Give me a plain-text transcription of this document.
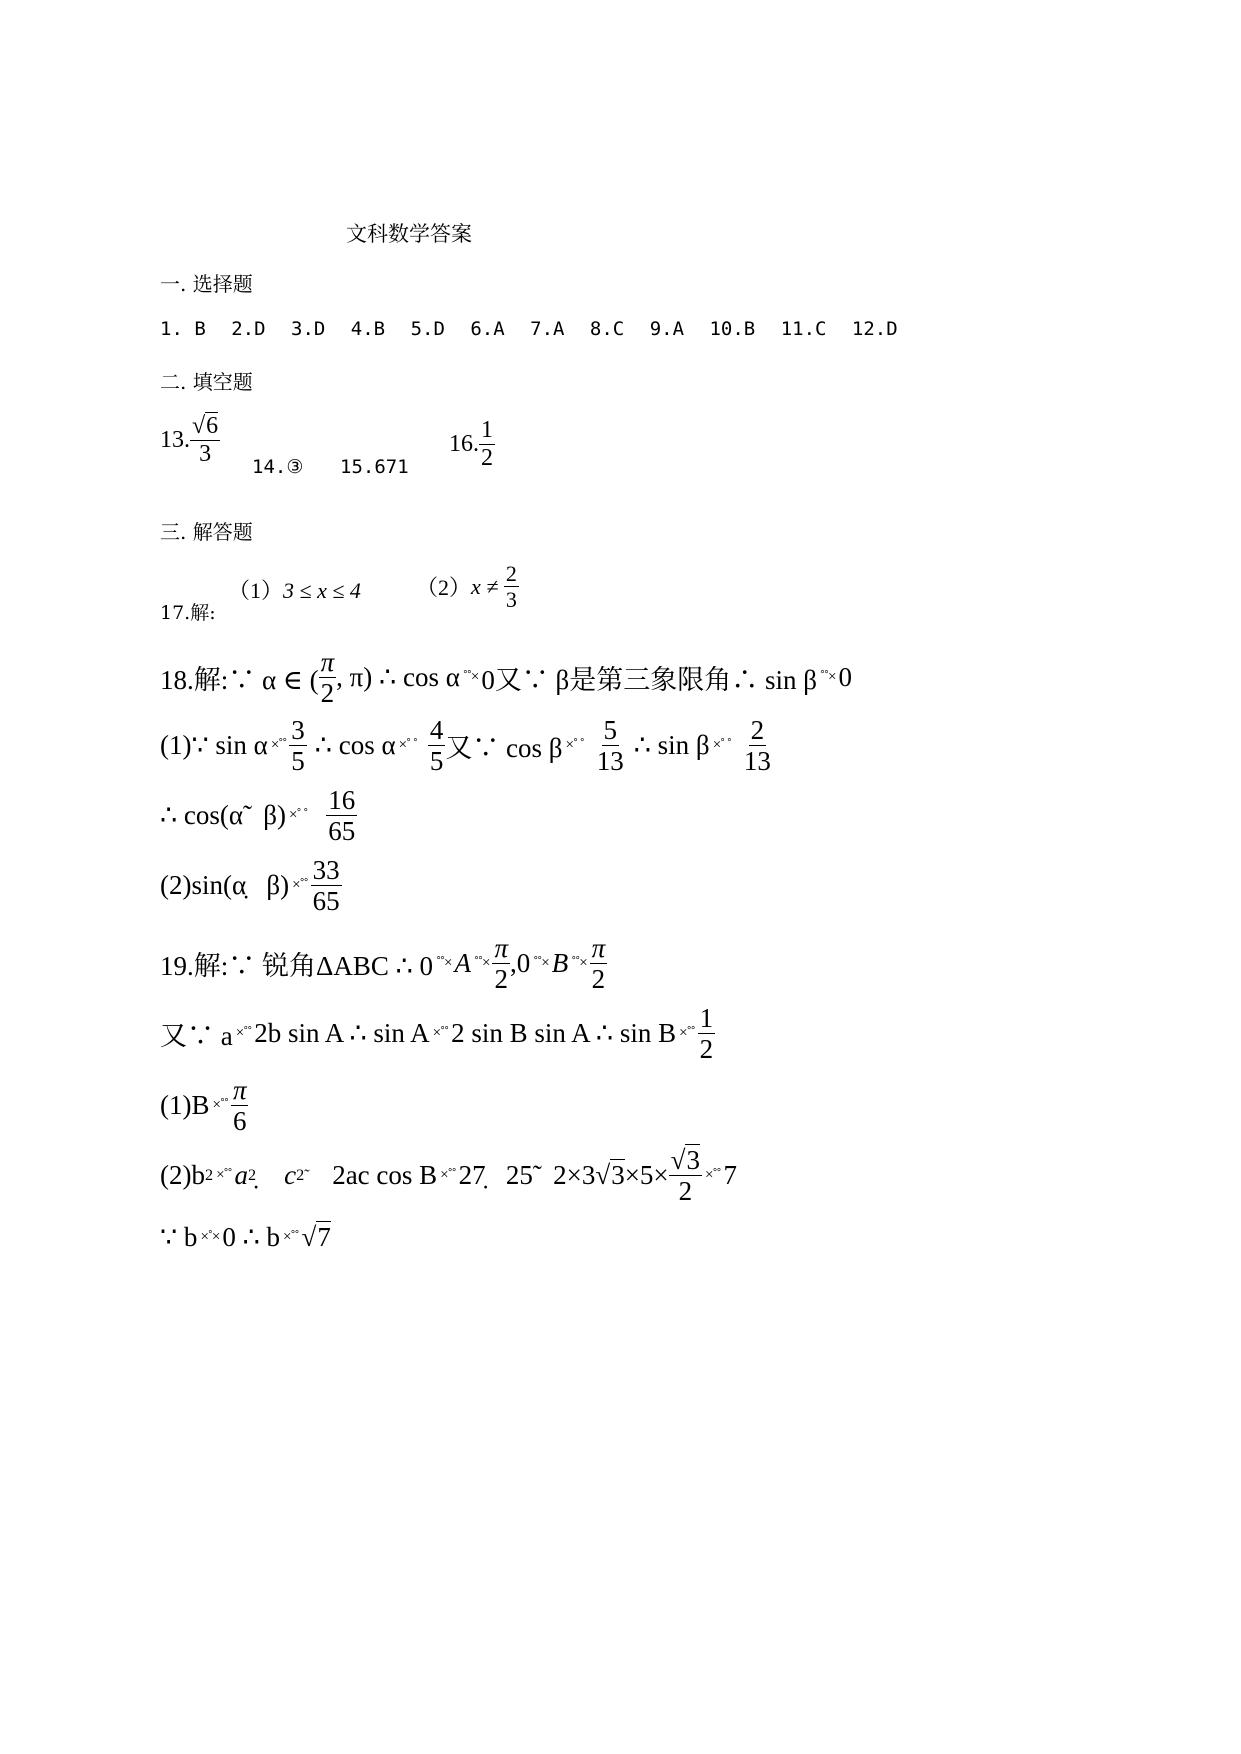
文科数学答案
一. 选择题
1. B 2.D 3.D 4.B 5.D 6.A 7.A 8.C 9.A 10.B 11.C 12.D
二. 填空题
13. $\frac{√6}{3}$ 14.③ 15.671
16. $\frac{1}{2}$
三. 解答题
17.解:
（1）3 ≤ x ≤ 4	（2） x ≠
$\frac{2}{3}$
18.解:∵ α ∈ ( $\frac{\pi}{2}$ , π) ∴ cos α ˚˚× 0又∵ β是第三象限角∴ sin β ˚˚× 0
(1)∵ sin α ×˚˚ $\frac{3}{5}$ ∴ cos α ×˚ ˚ $\frac{4}{5}$ 又∵ cos β ×˚ ˚ $\frac{5}{13}$ ∴ sin β ×˚ ˚ $\frac{2}{13}$
∴ cos(α̃   β) ×˚ ˚ $\frac{16}{65}$
(2)sin(α̣   β) ×˚˚ $\frac{33}{65}$
19.解:∵ 锐角ΔABC ∴ 0 ˚˚× A ˚˚× $\frac{\pi}{2} ,0$ ˚˚× B ˚˚× $\frac{\pi}{2}$
又∵ a ×˚˚ 2b sin A ∴ sin A ×˚˚ 2 sin B sin A ∴ sin B ×˚˚ $\frac{1}{2}$
(1)B ×˚˚ $\frac{\pi}{6}$
(2)b 2 ×˚˚ a 2 c 2̃ 2ac cos B ×˚˚ 27̣   25̃   2×3 $√3 \times 5\times \frac{√3}{2}$ ×˚˚ 7
∵ b ×˚× 0 ∴ b ×˚˚ √7
